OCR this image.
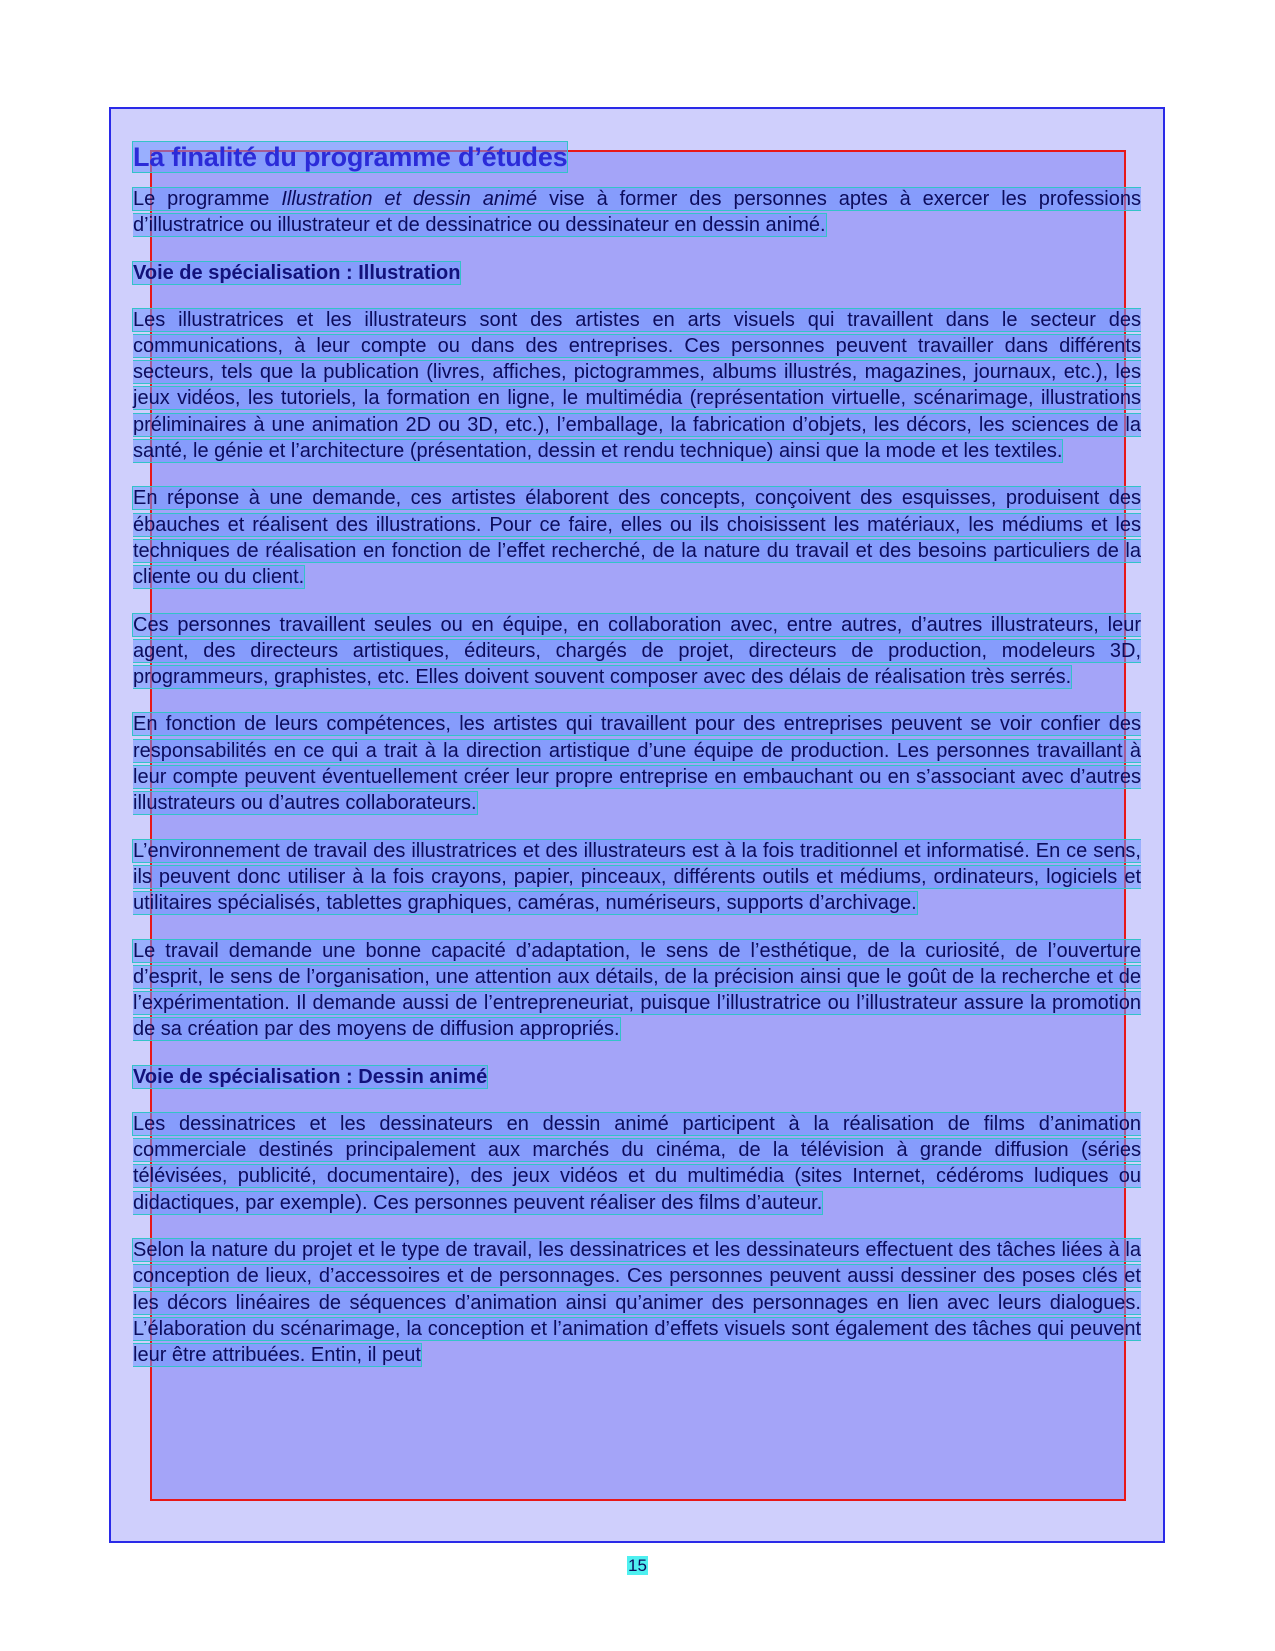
La finalité du programme d’études

Le programme Illustration et dessin animé vise à former des personnes aptes à exercer les professions d’illustratrice ou illustrateur et de dessinatrice ou dessinateur en dessin animé.

Voie de spécialisation : Illustration

Les illustratrices et les illustrateurs sont des artistes en arts visuels qui travaillent dans le secteur des communications, à leur compte ou dans des entreprises. Ces personnes peuvent travailler dans différents secteurs, tels que la publication (livres, affiches, pictogrammes, albums illustrés, magazines, journaux, etc.), les jeux vidéos, les tutoriels, la formation en ligne, le multimédia (représentation virtuelle, scénarimage, illustrations préliminaires à une animation 2D ou 3D, etc.), l’emballage, la fabrication d’objets, les décors, les sciences de la santé, le génie et l’architecture (présentation, dessin et rendu technique) ainsi que la mode et les textiles.

En réponse à une demande, ces artistes élaborent des concepts, conçoivent des esquisses, produisent des ébauches et réalisent des illustrations. Pour ce faire, elles ou ils choisissent les matériaux, les médiums et les techniques de réalisation en fonction de l’effet recherché, de la nature du travail et des besoins particuliers de la cliente ou du client.

Ces personnes travaillent seules ou en équipe, en collaboration avec, entre autres, d’autres illustrateurs, leur agent, des directeurs artistiques, éditeurs, chargés de projet, directeurs de production, modeleurs 3D, programmeurs, graphistes, etc. Elles doivent souvent composer avec des délais de réalisation très serrés.

En fonction de leurs compétences, les artistes qui travaillent pour des entreprises peuvent se voir confier des responsabilités en ce qui a trait à la direction artistique d’une équipe de production. Les personnes travaillant à leur compte peuvent éventuellement créer leur propre entreprise en embauchant ou en s’associant avec d’autres illustrateurs ou d’autres collaborateurs.

L’environnement de travail des illustratrices et des illustrateurs est à la fois traditionnel et informatisé. En ce sens, ils peuvent donc utiliser à la fois crayons, papier, pinceaux, différents outils et médiums, ordinateurs, logiciels et utilitaires spécialisés, tablettes graphiques, caméras, numériseurs, supports d’archivage.

Le travail demande une bonne capacité d’adaptation, le sens de l’esthétique, de la curiosité, de l’ouverture d’esprit, le sens de l’organisation, une attention aux détails, de la précision ainsi que le goût de la recherche et de l’expérimentation. Il demande aussi de l’entrepreneuriat, puisque l’illustratrice ou l’illustrateur assure la promotion de sa création par des moyens de diffusion appropriés.

Voie de spécialisation : Dessin animé

Les dessinatrices et les dessinateurs en dessin animé participent à la réalisation de films d’animation commerciale destinés principalement aux marchés du cinéma, de la télévision à grande diffusion (séries télévisées, publicité, documentaire), des jeux vidéos et du multimédia (sites Internet, cédéroms ludiques ou didactiques, par exemple). Ces personnes peuvent réaliser des films d’auteur.

Selon la nature du projet et le type de travail, les dessinatrices et les dessinateurs effectuent des tâches liées à la conception de lieux, d’accessoires et de personnages. Ces personnes peuvent aussi dessiner des poses clés et les décors linéaires de séquences d’animation ainsi qu’animer des personnages en lien avec leurs dialogues. L’élaboration du scénarimage, la conception et l’animation d’effets visuels sont également des tâches qui peuvent leur être attribuées. Entin, il peut

15
